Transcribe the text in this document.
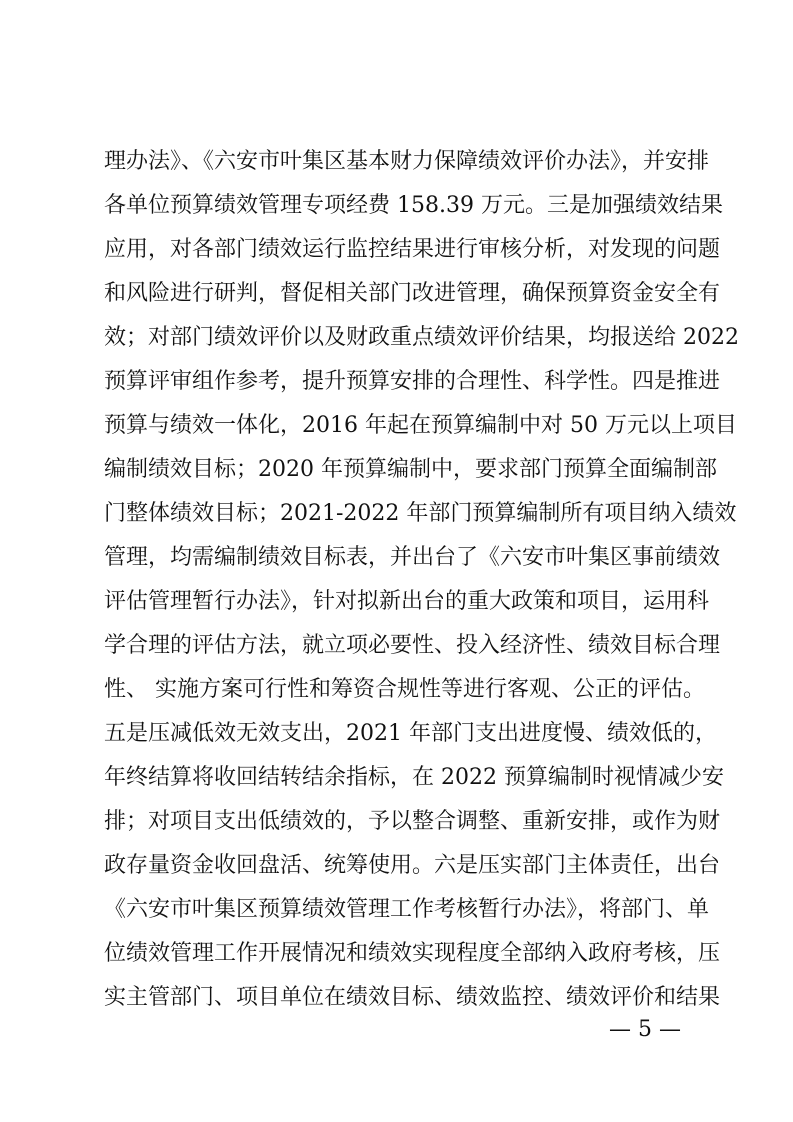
理办法》、《六安市叶集区基本财力保障绩效评价办法》，并安排
各单位预算绩效管理专项经费 158.39 万元。三是加强绩效结果
应用，对各部门绩效运行监控结果进行审核分析，对发现的问题
和风险进行研判，督促相关部门改进管理，确保预算资金安全有
效；对部门绩效评价以及财政重点绩效评价结果，均报送给 2022
预算评审组作参考，提升预算安排的合理性、科学性。四是推进
预算与绩效一体化，2016 年起在预算编制中对 50 万元以上项目
编制绩效目标；2020 年预算编制中，要求部门预算全面编制部
门整体绩效目标；2021-2022 年部门预算编制所有项目纳入绩效
管理，均需编制绩效目标表，并出台了《六安市叶集区事前绩效
评估管理暂行办法》，针对拟新出台的重大政策和项目，运用科
学合理的评估方法，就立项必要性、投入经济性、绩效目标合理
性、 实施方案可行性和筹资合规性等进行客观、公正的评估。
五是压减低效无效支出，2021 年部门支出进度慢、绩效低的，
年终结算将收回结转结余指标，在 2022 预算编制时视情减少安
排；对项目支出低绩效的，予以整合调整、重新安排，或作为财
政存量资金收回盘活、统筹使用。六是压实部门主体责任，出台
《六安市叶集区预算绩效管理工作考核暂行办法》，将部门、单
位绩效管理工作开展情况和绩效实现程度全部纳入政府考核，压
实主管部门、项目单位在绩效目标、绩效监控、绩效评价和结果
— 5 —
